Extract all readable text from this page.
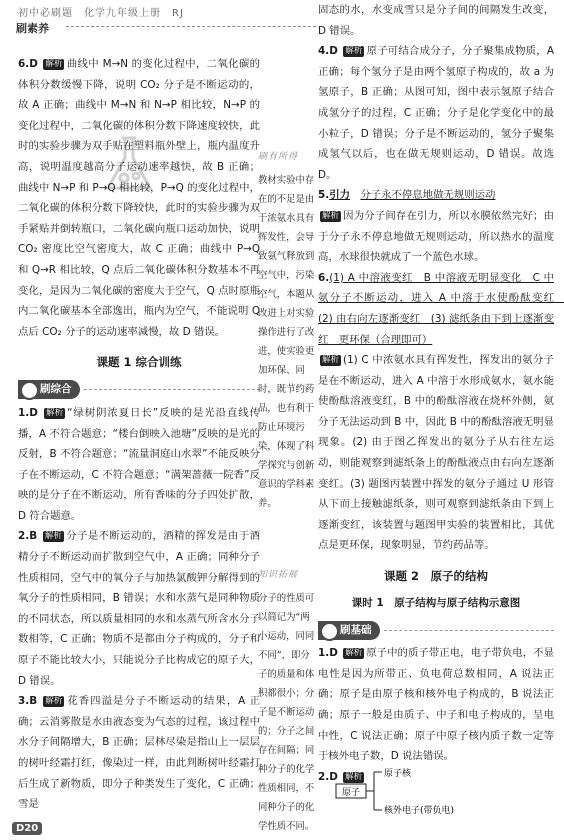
初中必刷题　化学九年级上册　RJ
刷素养

6.D 解析 曲线中 M→N 的变化过程中，二氧化碳的体积分数缓慢下降，说明 CO₂ 分子是不断运动的，故 A 正确；曲线中 M→N 和 N→P 相比较，N→P 的变化过程中，二氧化碳的体积分数下降速度较快，此时的实验步骤为双手贴在塑料瓶外壁上，瓶内温度升高，说明温度越高分子运动速率越快，故 B 正确；曲线中 N→P 和 P→Q 相比较，P→Q 的变化过程中，二氧化碳的体积分数下降较快，此时的实验步骤为双手紧贴并倒转瓶口，二氧化碳向瓶口运动加快，说明 CO₂ 密度比空气密度大，故 C 正确；曲线中 P→Q 和 Q→R 相比较，Q 点后二氧化碳体积分数基本不再变化，是因为二氧化碳的密度大于空气，Q 点时原瓶内二氧化碳基本全部逸出，瓶内为空气，不能说明 Q 点后 CO₂ 分子的运动速率减慢，故 D 错误。

课题 1 综合训练
刷综合

1.D 解析 “绿树阴浓夏日长”反映的是光沿直线传播，A 不符合题意；“楼台倒映入池塘”反映的是光的反射，B 不符合题意；“流量洞庭山水翠”不能反映分子在不断运动，C 不符合题意；“满架蔷薇一院香”反映的是分子在不断运动，所有香味的分子四处扩散，D 符合题意。

2.B 解析 分子是不断运动的，酒精的挥发是由于酒精分子不断运动而扩散到空气中，A 正确；同种分子性质相同，空气中的氧分子与加热氯酸钾分解得到的氧分子的性质相同，B 错误；水和水蒸气是同种物质的不同状态，所以质量相同的水和水蒸气所含水分子数相等，C 正确；物质不是都由分子构成的，分子和原子不能比较大小，只能说分子比构成它的原子大，D 错误。

3.B 解析 花香四溢是分子不断运动的结果，A 正确；云消雾散是水由液态变为气态的过程，该过程中水分子间隔增大，B 正确；层林尽染是指山上一层层的树叶经霜打红，像染过一样，由此判断树叶经霜打后生成了新物质，即分子种类发生了变化，C 正确；雪是

刷有所得
教材实验中存在的不足是由于浓氨水具有挥发性，会导致氨气释放到空气中，污染空气，本题从改进上对实验操作进行了改进，使实验更加环保、同时，既节约药品，也有利于防止环境污染，体现了科学探究与创新意识的学科素养。
知识拓展
分子的性质可以简记为“两小运动，同同不同”，即分子的质量和体积都很小；分子是不断运动的；分子之间存在间隔；同种分子的化学性质相同，不同种分子的化学性质不同。

固态的水，水变成雪只是分子间的间隔发生改变，D 错误。

4.D 解析 原子可结合成分子，分子聚集成物质，A 正确；每个氢分子是由两个氢原子构成的，故 a 为氢原子，B 正确；从图可知，图中表示氢原子结合成氢分子的过程，C 正确；分子是化学变化中的最小粒子，D 错误；分子是不断运动的，氢分子聚集成氢气以后，也在做无规则运动，D 错误。故选 D。

5.引力　 分子永不停息地做无规则运动

解析 因为分子间存在引力，所以水膜依然完好；由于分子永不停息地做无规则运动，所以热水的温度高，水球很快就成了一个蓝色水球。

6.(1) A 中溶液变红　B 中溶液无明显变化　C 中氨分子不断运动，进入 A 中溶于水使酚酞变红　(2) 由右向左逐渐变红　(3) 滤纸条由下到上逐渐变红　更环保（合理即可）

解析 (1) C 中浓氨水具有挥发性，挥发出的氨分子是在不断运动，进入 A 中溶于水形成氨水，氨水能使酚酞溶液变红，B 中的酚酞溶液在烧杯外侧，氨分子无法运动到 B 中，因此 B 中的酚酞溶液无明显现象。(2) 由于图乙挥发出的氨分子从右往左运动，则能观察到滤纸条上的酚酞液点由右向左逐渐变红。(3) 题图丙装置中挥发的氨分子通过 U 形管从下而上接触滤纸条，则可观察到滤纸条由下到上逐渐变红，该装置与题图甲实验的装置相比，其优点是更环保，现象明显，节约药品等。

课题 2　原子的结构
课时 1　原子结构与原子结构示意图
刷基础

1.D 解析 原子中的质子带正电，电子带负电，不显电性是因为所带正、负电荷总数相同，A 说法正确；原子是由原子核和核外电子构成的，B 说法正确；原子一般是由质子、中子和电子构成的，呈电中性，C 说法正确；原子中原子核内质子数一定等于核外电子数，D 说法错误。

2.D 解析

原子
原子核
核外电子(带负电)
D20
